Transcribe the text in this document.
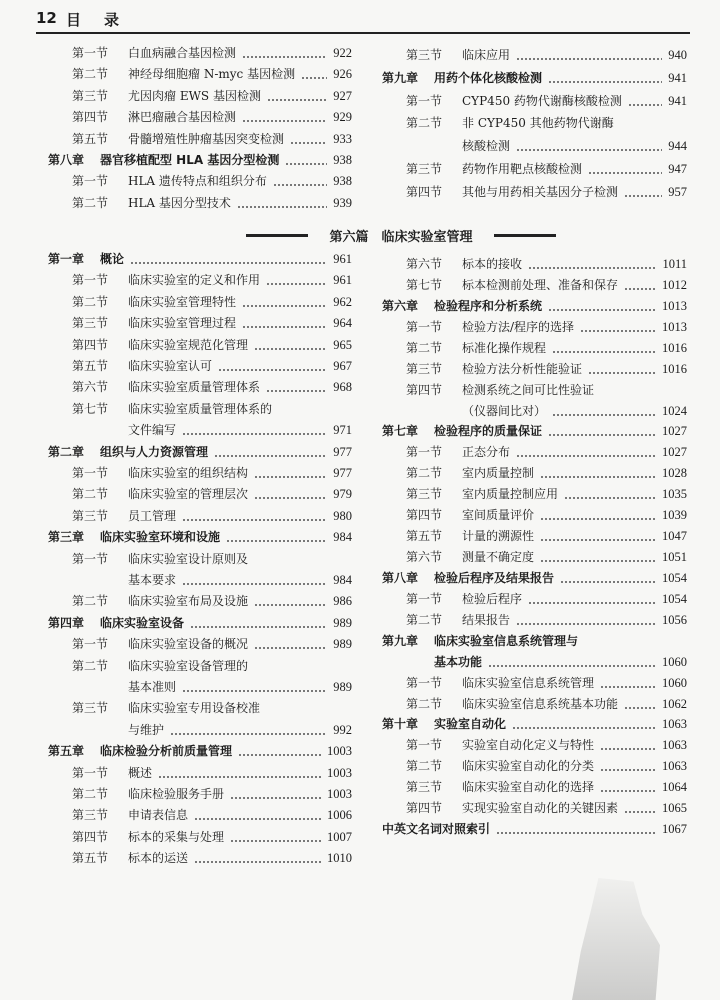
12 目 录
第六篇　临床实验室管理
第一节 白血病融合基因检测	922
第二节 神经母细胞瘤 N-myc 基因检测	926
第三节 尤因肉瘤 EWS 基因检测	927
第四节 淋巴瘤融合基因检测	929
第五节 骨髓增殖性肿瘤基因突变检测	933
第八章 器官移植配型 HLA 基因分型检测	938
第一节 HLA 遗传特点和组织分布	938
第二节 HLA 基因分型技术	939
第三节 临床应用	940
第九章 用药个体化核酸检测	941
第一节 CYP450 药物代谢酶核酸检测	941
第二节 非 CYP450 其他药物代谢酶
核酸检测	944
第三节 药物作用靶点核酸检测	947
第四节 其他与用药相关基因分子检测	957
第一章 概论	961
第一节 临床实验室的定义和作用	961
第二节 临床实验室管理特性	962
第三节 临床实验室管理过程	964
第四节 临床实验室规范化管理	965
第五节 临床实验室认可	967
第六节 临床实验室质量管理体系	968
第七节 临床实验室质量管理体系的
文件编写	971
第二章 组织与人力资源管理	977
第一节 临床实验室的组织结构	977
第二节 临床实验室的管理层次	979
第三节 员工管理	980
第三章 临床实验室环境和设施	984
第一节 临床实验室设计原则及
基本要求	984
第二节 临床实验室布局及设施	986
第四章 临床实验室设备	989
第一节 临床实验室设备的概况	989
第二节 临床实验室设备管理的
基本准则	989
第三节 临床实验室专用设备校准
与维护	992
第五章 临床检验分析前质量管理	1003
第一节 概述	1003
第二节 临床检验服务手册	1003
第三节 申请表信息	1006
第四节 标本的采集与处理	1007
第五节 标本的运送	1010
第六节 标本的接收	1011
第七节 标本检测前处理、准备和保存	1012
第六章 检验程序和分析系统	1013
第一节 检验方法/程序的选择	1013
第二节 标准化操作规程	1016
第三节 检验方法分析性能验证	1016
第四节 检测系统之间可比性验证
（仪器间比对）	1024
第七章 检验程序的质量保证	1027
第一节 正态分布	1027
第二节 室内质量控制	1028
第三节 室内质量控制应用	1035
第四节 室间质量评价	1039
第五节 计量的溯源性	1047
第六节 测量不确定度	1051
第八章 检验后程序及结果报告	1054
第一节 检验后程序	1054
第二节 结果报告	1056
第九章 临床实验室信息系统管理与
基本功能	1060
第一节 临床实验室信息系统管理	1060
第二节 临床实验室信息系统基本功能	1062
第十章 实验室自动化	1063
第一节 实验室自动化定义与特性	1063
第二节 临床实验室自动化的分类	1063
第三节 临床实验室自动化的选择	1064
第四节 实现实验室自动化的关键因素	1065
中英文名词对照索引	1067
